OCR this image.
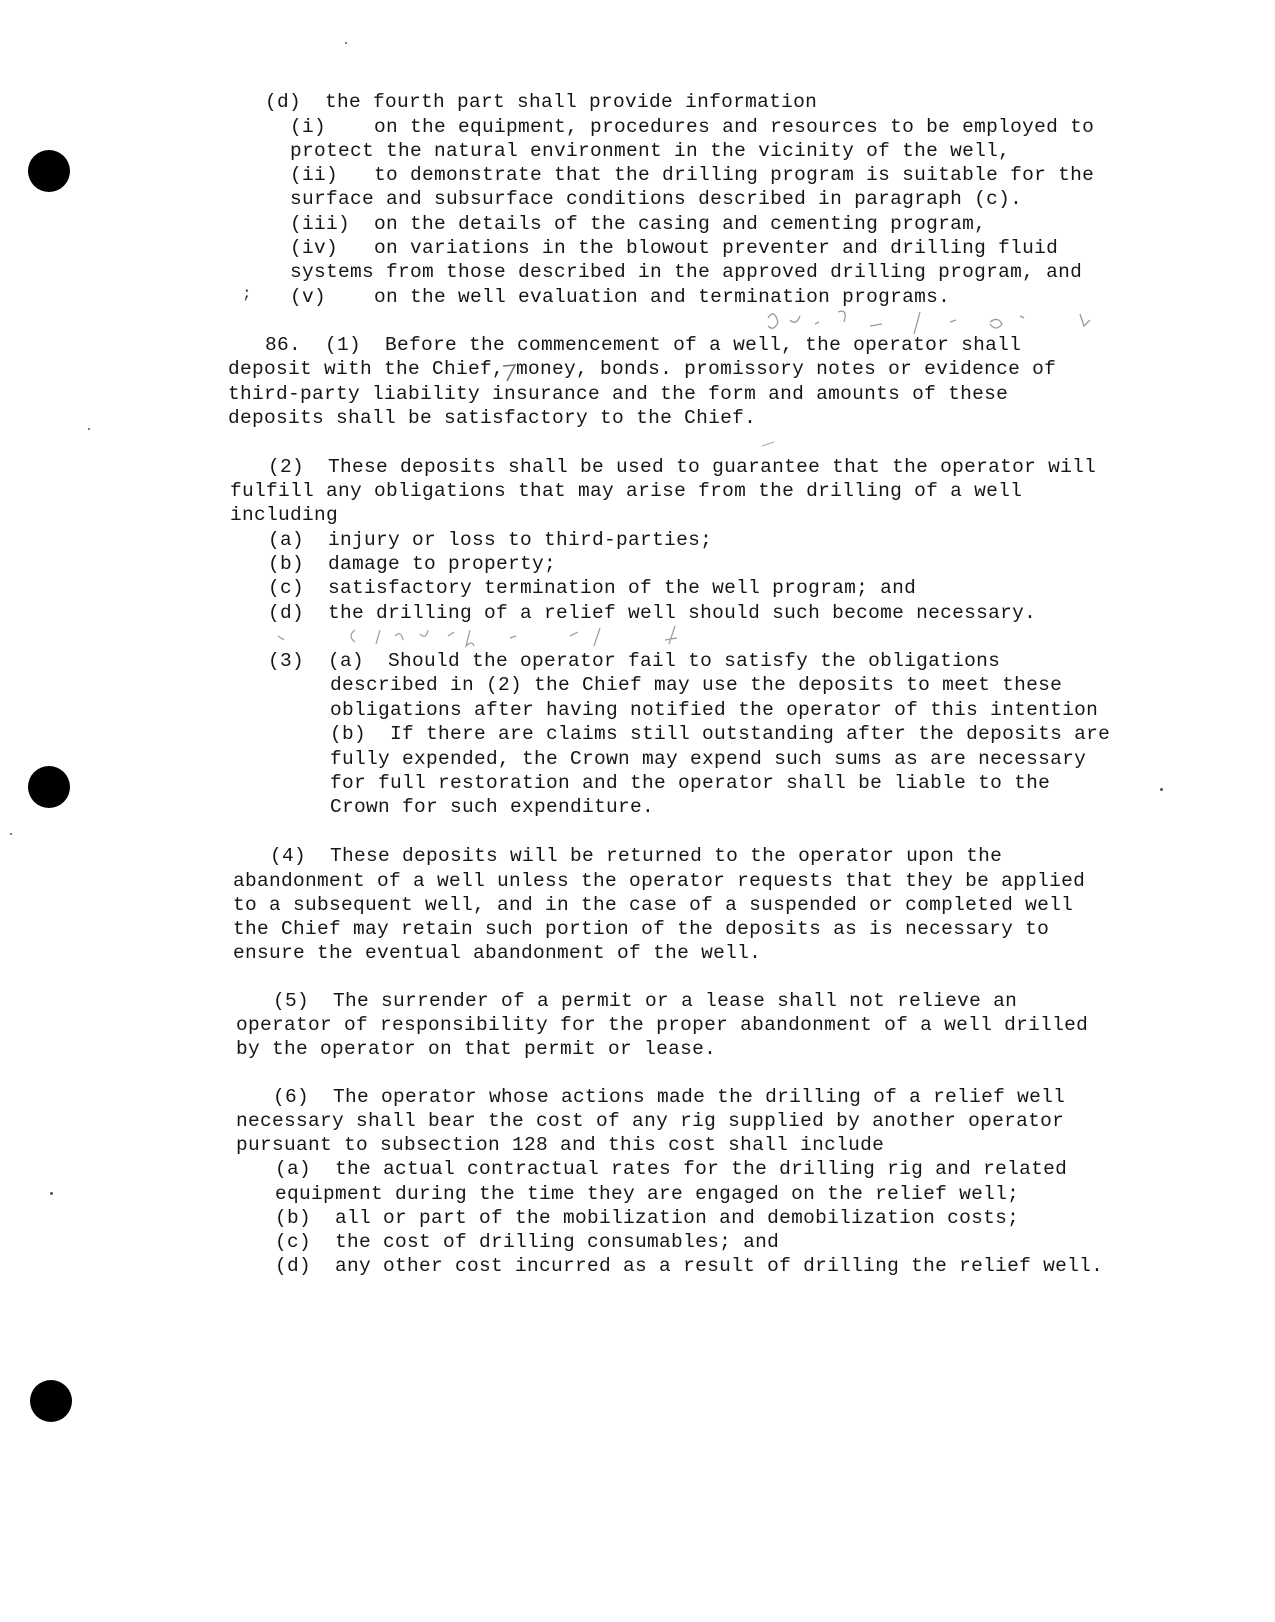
;
(d)  the fourth part shall provide information
(i)    on the equipment, procedures and resources to be employed to
protect the natural environment in the vicinity of the well,
(ii)   to demonstrate that the drilling program is suitable for the
surface and subsurface conditions described in paragraph (c).
(iii)  on the details of the casing and cementing program,
(iv)   on variations in the blowout preventer and drilling fluid
systems from those described in the approved drilling program, and
(v)    on the well evaluation and termination programs.
86.  (1)  Before the commencement of a well, the operator shall
deposit with the Chief, money, bonds. promissory notes or evidence of
third-party liability insurance and the form and amounts of these
deposits shall be satisfactory to the Chief.
(2)  These deposits shall be used to guarantee that the operator will
fulfill any obligations that may arise from the drilling of a well
including
(a)  injury or loss to third-parties;
(b)  damage to property;
(c)  satisfactory termination of the well program; and
(d)  the drilling of a relief well should such become necessary.
(3)  (a)  Should the operator fail to satisfy the obligations
described in (2) the Chief may use the deposits to meet these
obligations after having notified the operator of this intention
(b)  If there are claims still outstanding after the deposits are
fully expended, the Crown may expend such sums as are necessary
for full restoration and the operator shall be liable to the
Crown for such expenditure.
(4)  These deposits will be returned to the operator upon the
abandonment of a well unless the operator requests that they be applied
to a subsequent well, and in the case of a suspended or completed well
the Chief may retain such portion of the deposits as is necessary to
ensure the eventual abandonment of the well.
(5)  The surrender of a permit or a lease shall not relieve an
operator of responsibility for the proper abandonment of a well drilled
by the operator on that permit or lease.
(6)  The operator whose actions made the drilling of a relief well
necessary shall bear the cost of any rig supplied by another operator
pursuant to subsection 128 and this cost shall include
(a)  the actual contractual rates for the drilling rig and related
equipment during the time they are engaged on the relief well;
(b)  all or part of the mobilization and demobilization costs;
(c)  the cost of drilling consumables; and
(d)  any other cost incurred as a result of drilling the relief well.
